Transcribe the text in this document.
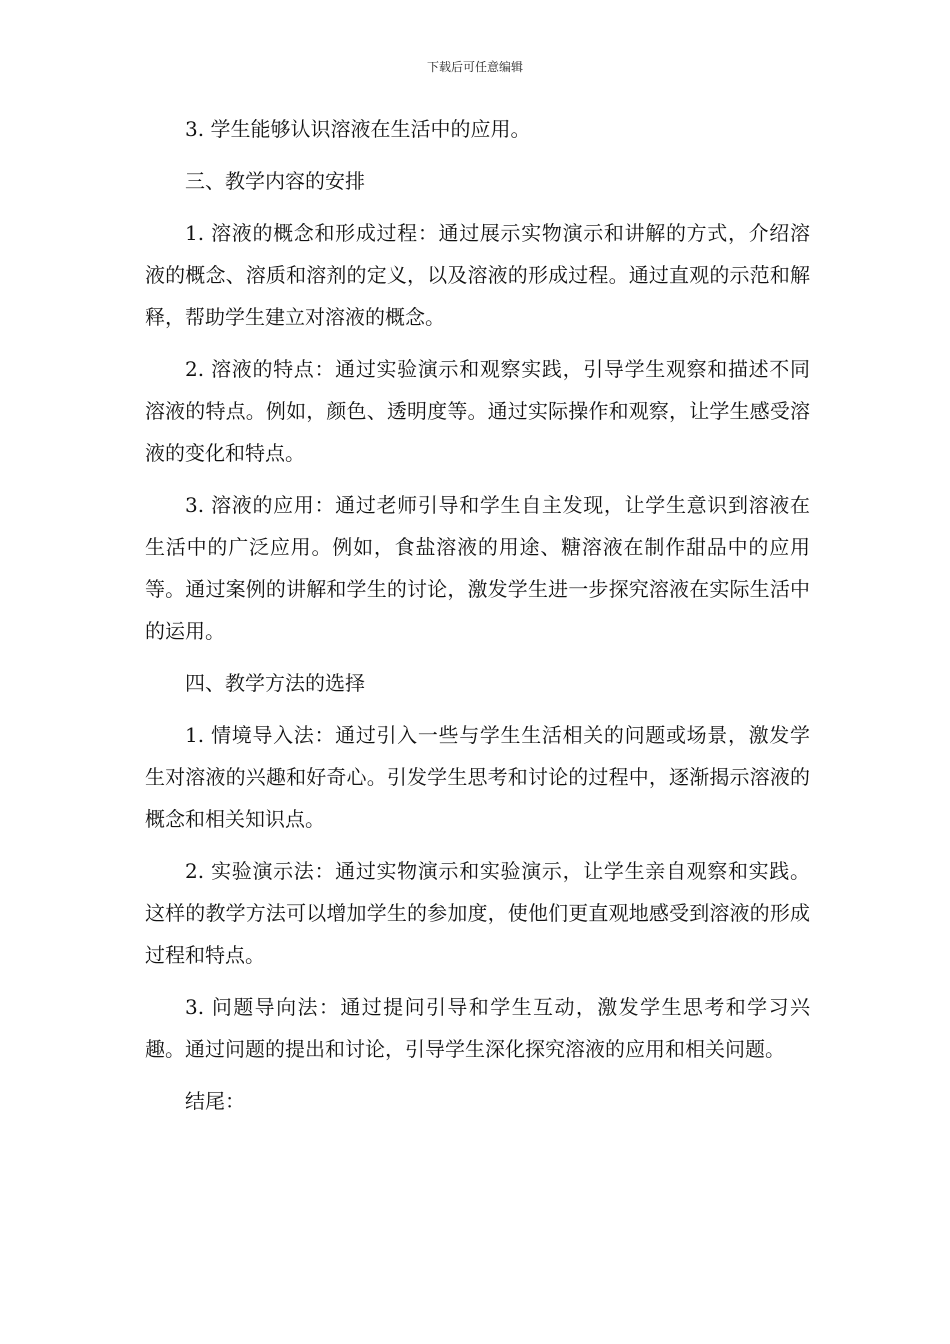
下载后可任意编辑

3. 学生能够认识溶液在生活中的应用。

三、教学内容的安排

1. 溶液的概念和形成过程：通过展示实物演示和讲解的方式，介绍溶液的概念、溶质和溶剂的定义，以及溶液的形成过程。通过直观的示范和解释，帮助学生建立对溶液的概念。

2. 溶液的特点：通过实验演示和观察实践，引导学生观察和描述不同溶液的特点。例如，颜色、透明度等。通过实际操作和观察，让学生感受溶液的变化和特点。

3. 溶液的应用：通过老师引导和学生自主发现，让学生意识到溶液在生活中的广泛应用。例如，食盐溶液的用途、糖溶液在制作甜品中的应用等。通过案例的讲解和学生的讨论，激发学生进一步探究溶液在实际生活中的运用。

四、教学方法的选择

1. 情境导入法：通过引入一些与学生生活相关的问题或场景，激发学生对溶液的兴趣和好奇心。引发学生思考和讨论的过程中，逐渐揭示溶液的概念和相关知识点。

2. 实验演示法：通过实物演示和实验演示，让学生亲自观察和实践。这样的教学方法可以增加学生的参加度，使他们更直观地感受到溶液的形成过程和特点。

3. 问题导向法：通过提问引导和学生互动，激发学生思考和学习兴趣。通过问题的提出和讨论，引导学生深化探究溶液的应用和相关问题。

结尾：
